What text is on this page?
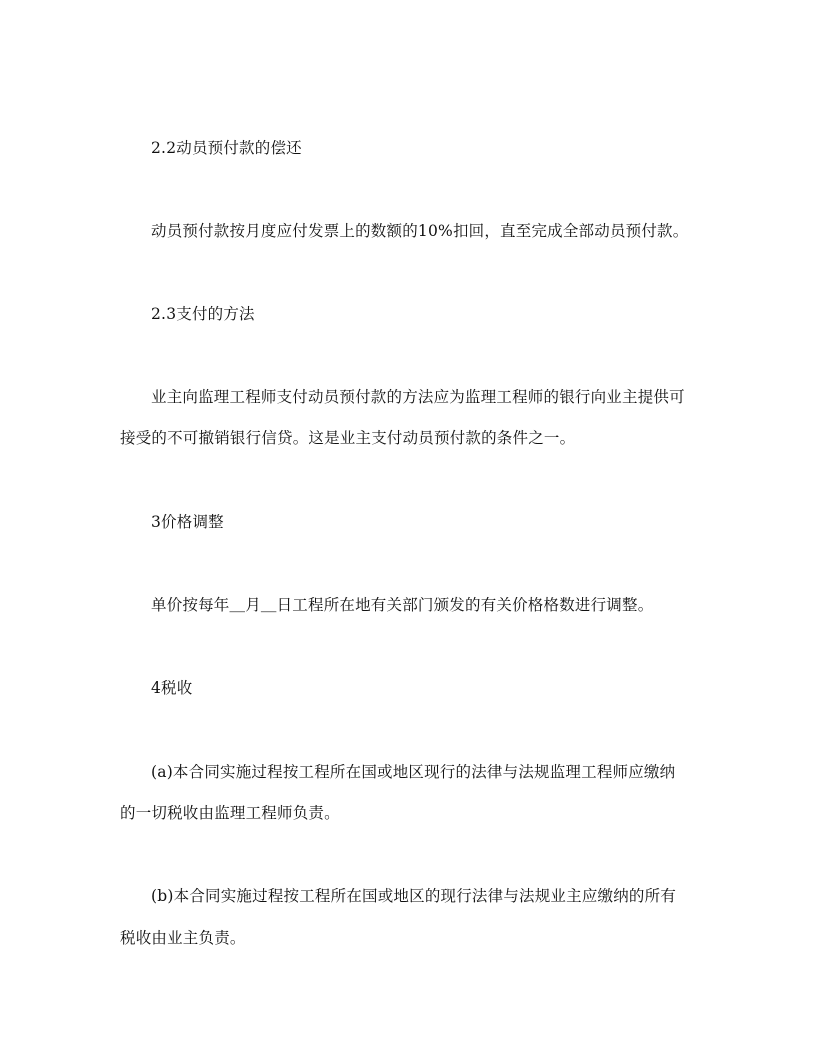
2.2动员预付款的偿还
动员预付款按月度应付发票上的数额的10%扣回，直至完成全部动员预付款。
2.3支付的方法
业主向监理工程师支付动员预付款的方法应为监理工程师的银行向业主提供可
接受的不可撤销银行信贷。这是业主支付动员预付款的条件之一。
3价格调整
单价按每年＿月＿日工程所在地有关部门颁发的有关价格格数进行调整。
4税收
(a)本合同实施过程按工程所在国或地区现行的法律与法规监理工程师应缴纳
的一切税收由监理工程师负责。
(b)本合同实施过程按工程所在国或地区的现行法律与法规业主应缴纳的所有
税收由业主负责。
